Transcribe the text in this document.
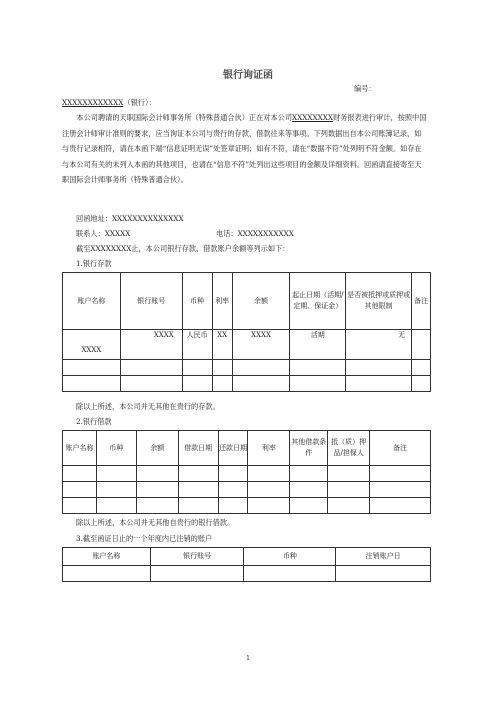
银行询证函
编号：
XXXXXXXXXXXX（银行）：
本公司聘请的天职国际会计师事务所（特殊普通合伙）正在对本公司XXXXXXXX财务报表进行审计，按照中国注册会计师审计准则的要求，应当询证本公司与贵行的存款、借款往来等事项。下列数据出自本公司账簿记录，如与贵行记录相符，请在本函下端“信息证明无误”处签章证明；如有不符，请在“数据不符”处列明不符金额。如存在与本公司有关的未列入本函的其他项目，也请在“信息不符”处列出这些项目的金额及详细资料。回函请直接寄至天职国际会计师事务所（特殊普通合伙）。
回函地址：XXXXXXXXXXXXXX
联系人：XXXXX	电话：XXXXXXXXXXX
截至XXXXXXXX止，本公司银行存款、借款账户余额等列示如下：
1.银行存款
账户名称	银行账号	币种	利率	余额	起止日期（活期/定期、保证金）	是否被抵押或质押或其他限制	备注
XXXX	XXXX	人民币	XX	XXXX	活期	无	

除以上所述，本公司并无其他在贵行的存款。
2.银行借款
账户名称	币种	余额	借款日期	还款日期	利率	其他借款条件	抵（质）押品/担保人	备注

除以上所述，本公司并无其他自贵行的银行借款。
3.截至函证日止的一个年度内已注销的账户
账户名称	银行账号	币种	注销账户日

1
